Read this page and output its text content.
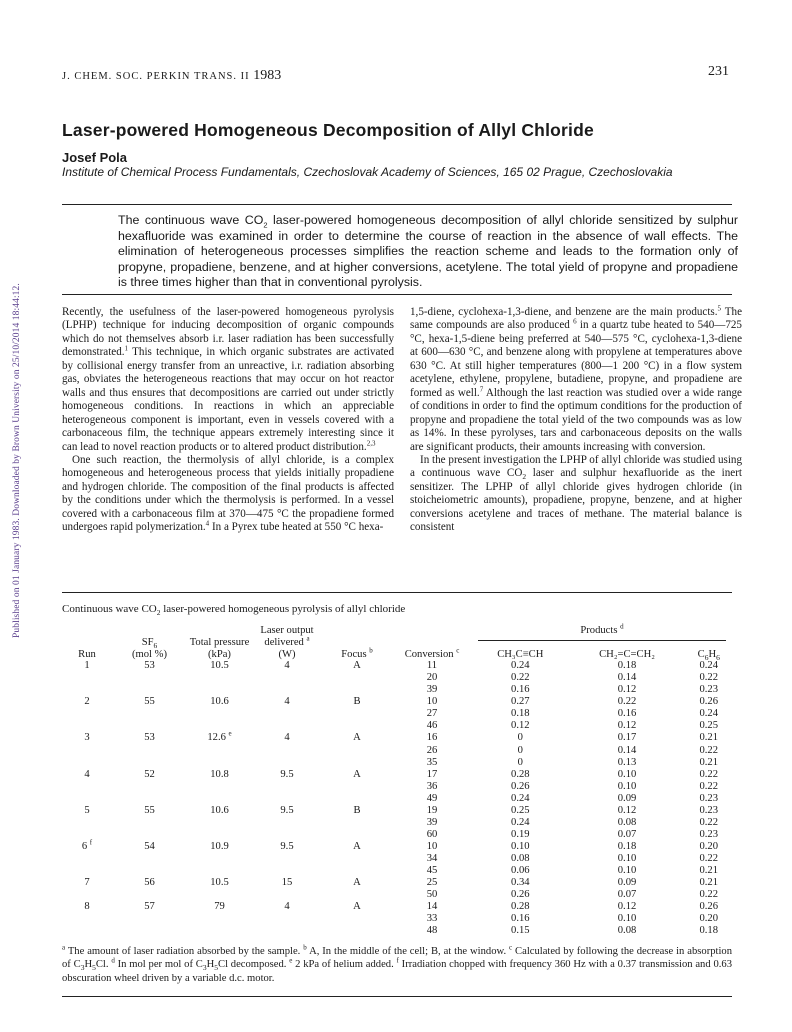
Published on 01 January 1983. Downloaded by Brown University on 25/10/2014 18:44:12.
J. CHEM. SOC. PERKIN TRANS. II 1983	231
Laser-powered Homogeneous Decomposition of Allyl Chloride
Josef Pola
Institute of Chemical Process Fundamentals, Czechoslovak Academy of Sciences, 165 02 Prague, Czechoslovakia
The continuous wave $CO_2$ laser-powered homogeneous decomposition of allyl chloride sensitized by sulphur hexafluoride was examined in order to determine the course of reaction in the absence of wall effects. The elimination of heterogeneous processes simplifies the reaction scheme and leads to the formation only of propyne, propadiene, benzene, and at higher conversions, acetylene. The total yield of propyne and propadiene is three times higher than that in conventional pyrolysis.

Recently, the usefulness of the laser-powered homogeneous pyrolysis (LPHP) technique for inducing decomposition of organic compounds which do not themselves absorb i.r. laser radiation has been successfully demonstrated.$^1$ This technique, in which organic substrates are activated by collisional energy transfer from an unreactive, i.r. radiation absorbing gas, obviates the heterogeneous reactions that may occur on hot reactor walls and thus ensures that decompositions are carried out under strictly homogeneous conditions. In reactions in which an appreciable heterogeneous component is important, even in vessels covered with a carbonaceous film, the technique appears extremely interesting since it can lead to novel reaction products or to altered product distribution.$^{2,3}$

One such reaction, the thermolysis of allyl chloride, is a complex homogeneous and heterogeneous process that yields initially propadiene and hydrogen chloride. The composition of the final products is affected by the conditions under which the thermolysis is performed. In a vessel covered with a carbonaceous film at 370—475 °C the propadiene formed undergoes rapid polymerization.$^4$ In a Pyrex tube heated at 550 °C hexa-

1,5-diene, cyclohexa-1,3-diene, and benzene are the main products.$^5$ The same compounds are also produced $^6$ in a quartz tube heated to 540—725 °C, hexa-1,5-diene being preferred at 540—575 °C, cyclohexa-1,3-diene at 600—630 °C, and benzene along with propylene at temperatures above 630 °C. At still higher temperatures (800—1 200 °C) in a flow system acetylene, ethylene, propylene, butadiene, propyne, and propadiene are formed as well.$^7$ Although the last reaction was studied over a wide range of conditions in order to find the optimum conditions for the production of propyne and propadiene the total yield of the two compounds was as low as 14%. In these pyrolyses, tars and carbonaceous deposits on the walls are significant products, their amounts increasing with conversion.

In the present investigation the LPHP of allyl chloride was studied using a continuous wave $CO_2$ laser and sulphur hexafluoride as the inert sensitizer. The LPHP of allyl chloride gives hydrogen chloride (in stoicheiometric amounts), propadiene, propyne, benzene, and at higher conversions acetylene and traces of methane. The material balance is consistent

Continuous wave $CO_2$ laser-powered homogeneous pyrolysis of allyl chloride
			Laser output			Products $^d$
	$SF_6$	Total pressure	delivered $^a$			

Run	(mol %)	(kPa)	(W)	Focus $^b$	Conversion $^c$	CH₃C≡CH	CH₂=C=CH₂	$C_6H_6$
1	53	10.5	4	A	11	0.24	0.18	0.24
					20	0.22	0.14	0.22
					39	0.16	0.12	0.23
2	55	10.6	4	B	10	0.27	0.22	0.26
					27	0.18	0.16	0.24
					46	0.12	0.12	0.25
3	53	12.6 $^e$	4	A	16	0	0.17	0.21
					26	0	0.14	0.22
					35	0	0.13	0.21
4	52	10.8	9.5	A	17	0.28	0.10	0.22
					36	0.26	0.10	0.22
					49	0.24	0.09	0.23
5	55	10.6	9.5	B	19	0.25	0.12	0.23
					39	0.24	0.08	0.22
					60	0.19	0.07	0.23
6 $^f$	54	10.9	9.5	A	10	0.10	0.18	0.20
					34	0.08	0.10	0.22
					45	0.06	0.10	0.21
7	56	10.5	15	A	25	0.34	0.09	0.21
					50	0.26	0.07	0.22
8	57	79	4	A	14	0.28	0.12	0.26
					33	0.16	0.10	0.20
					48	0.15	0.08	0.18
$^a$ The amount of laser radiation absorbed by the sample. $^b$ A, In the middle of the cell; B, at the window. $^c$ Calculated by following the decrease in absorption of $C_3H_5Cl$. $^d$ In mol per mol of $C_3H_5Cl$ decomposed. $^e$ 2 kPa of helium added. $^f$ Irradiation chopped with frequency 360 Hz with a 0.37 transmission and 0.63 obscuration wheel driven by a variable d.c. motor.
